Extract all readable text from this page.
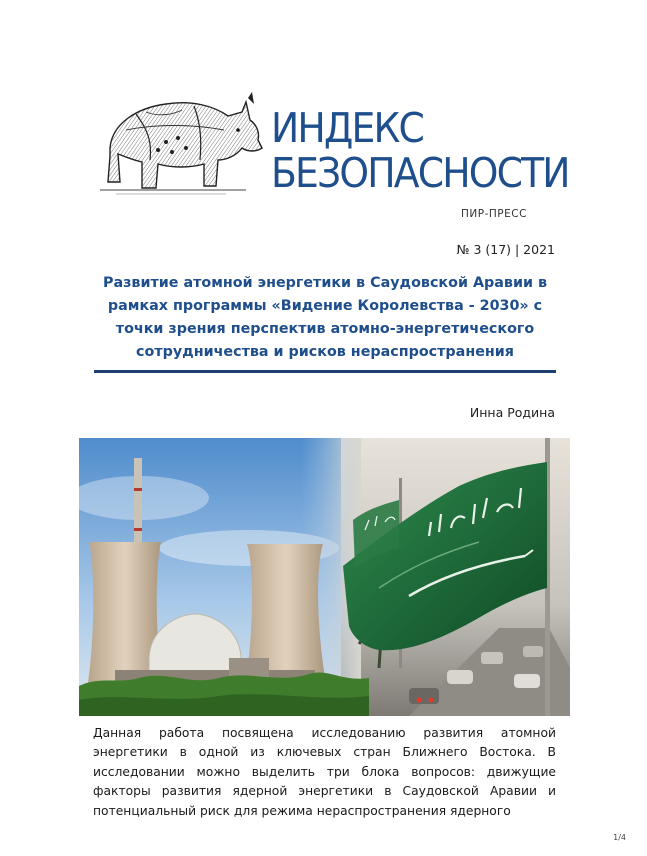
ИНДЕКС
БЕЗОПАСНОСТИ
ПИР-ПРЕСС
№ 3 (17) | 2021
Развитие атомной энергетики в Саудовской Аравии в рамках программы «Видение Королевства - 2030» с точки зрения перспектив атомно-энергетического сотрудничества и рисков нераспространения
Инна Родина
Данная работа посвящена исследованию развития атомной энергетики в одной из ключевых стран Ближнего Востока. В исследовании можно выделить три блока вопросов: движущие факторы развития ядерной энергетики в Саудовской Аравии и потенциальный риск для режима нераспространения ядерного
1/4
